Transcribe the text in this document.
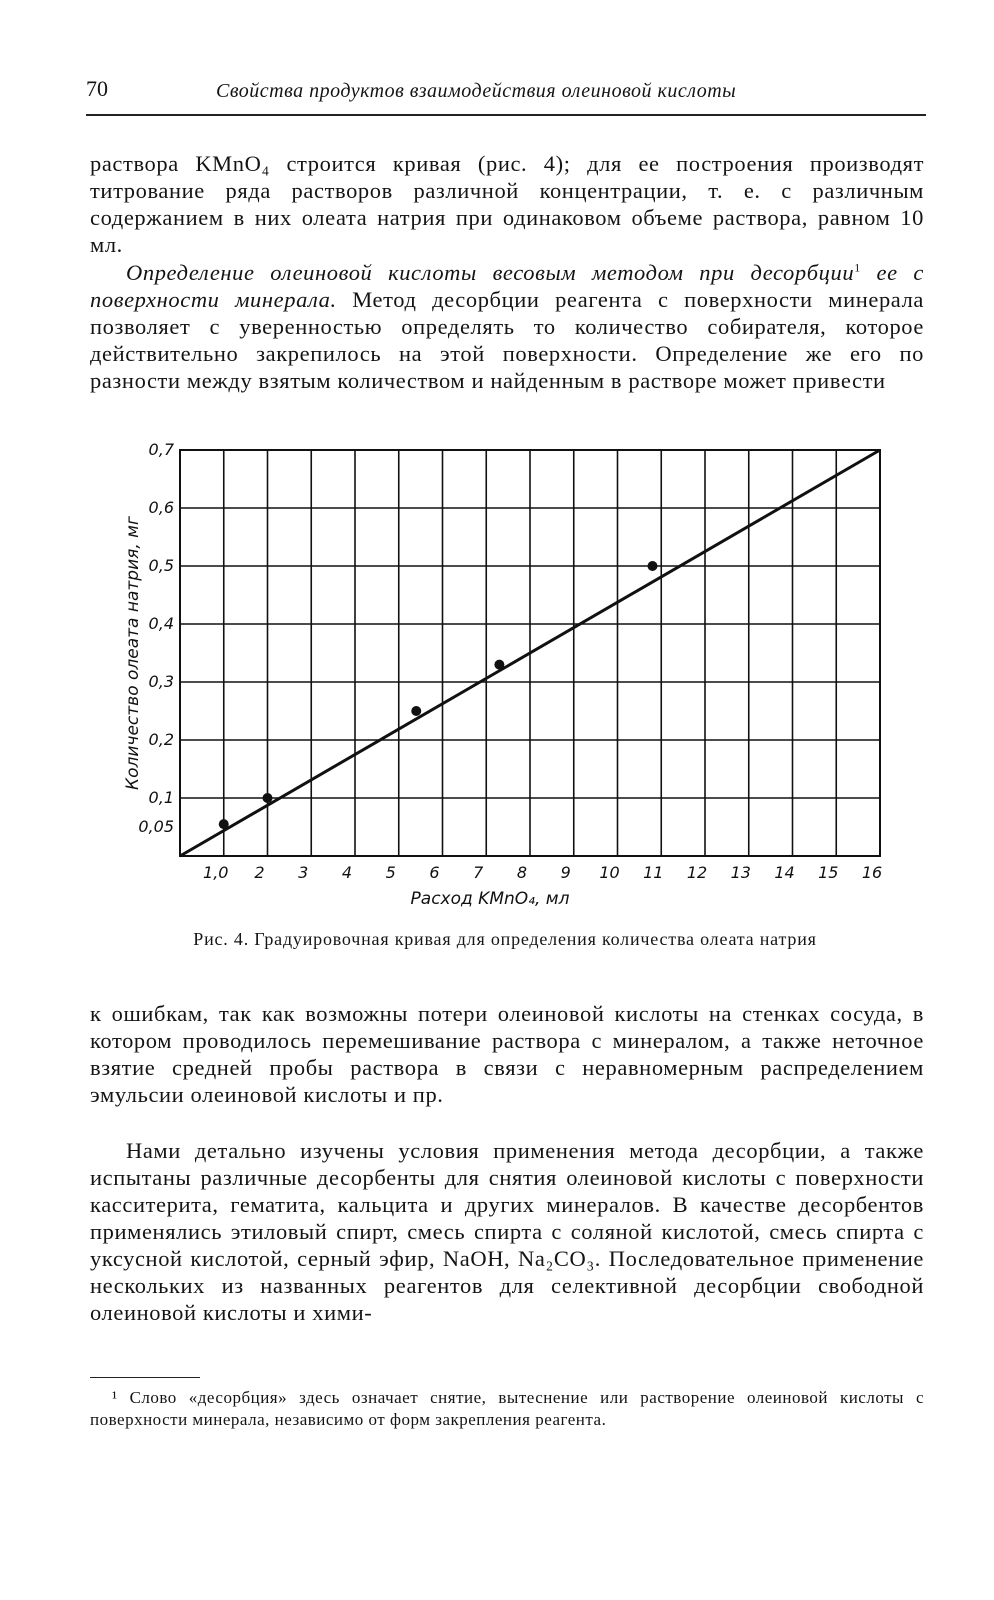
70	Свойства продуктов взаимодействия олеиновой кислоты

раствора KMnO₄ строится кривая (рис. 4); для ее построения производят титрование ряда растворов различной концентрации, т. е. с различным содержанием в них олеата натрия при одинаковом объеме раствора, равном 10 мл.

Определение олеиновой кислоты весовым методом при десорбции$^1$ ее с поверхности минерала. Метод десорбции реагента с поверхности минерала позволяет с уверенностью определять то количество собирателя, которое действительно закрепилось на этой поверхности. Определение же его по разности между взятым количеством и найденным в растворе может привести

0,05
0,1
0,2
0,3
0,4
0,5
0,6
0,7
1,0 2 3 4 5 6 7 8 9 10 11 12 13 14 15 16
Расход KMnO₄, мл
Количество олеата натрия, мг

Рис. 4. Градуировочная кривая для определения количества олеата натрия

к ошибкам, так как возможны потери олеиновой кислоты на стенках сосуда, в котором проводилось перемешивание раствора с минералом, а также неточное взятие средней пробы раствора в связи с неравномерным распределением эмульсии олеиновой кислоты и пр.

Нами детально изучены условия применения метода десорбции, а также испытаны различные десорбенты для снятия олеиновой кислоты с поверхности касситерита, гематита, кальцита и других минералов. В качестве десорбентов применялись этиловый спирт, смесь спирта с соляной кислотой, смесь спирта с уксусной кислотой, серный эфир, NaOH, Na₂CO₃. Последовательное применение нескольких из названных реагентов для селективной десорбции свободной олеиновой кислоты и хими-

¹ Слово «десорбция» здесь означает снятие, вытеснение или растворение олеиновой кислоты с поверхности минерала, независимо от форм закрепления реагента.
